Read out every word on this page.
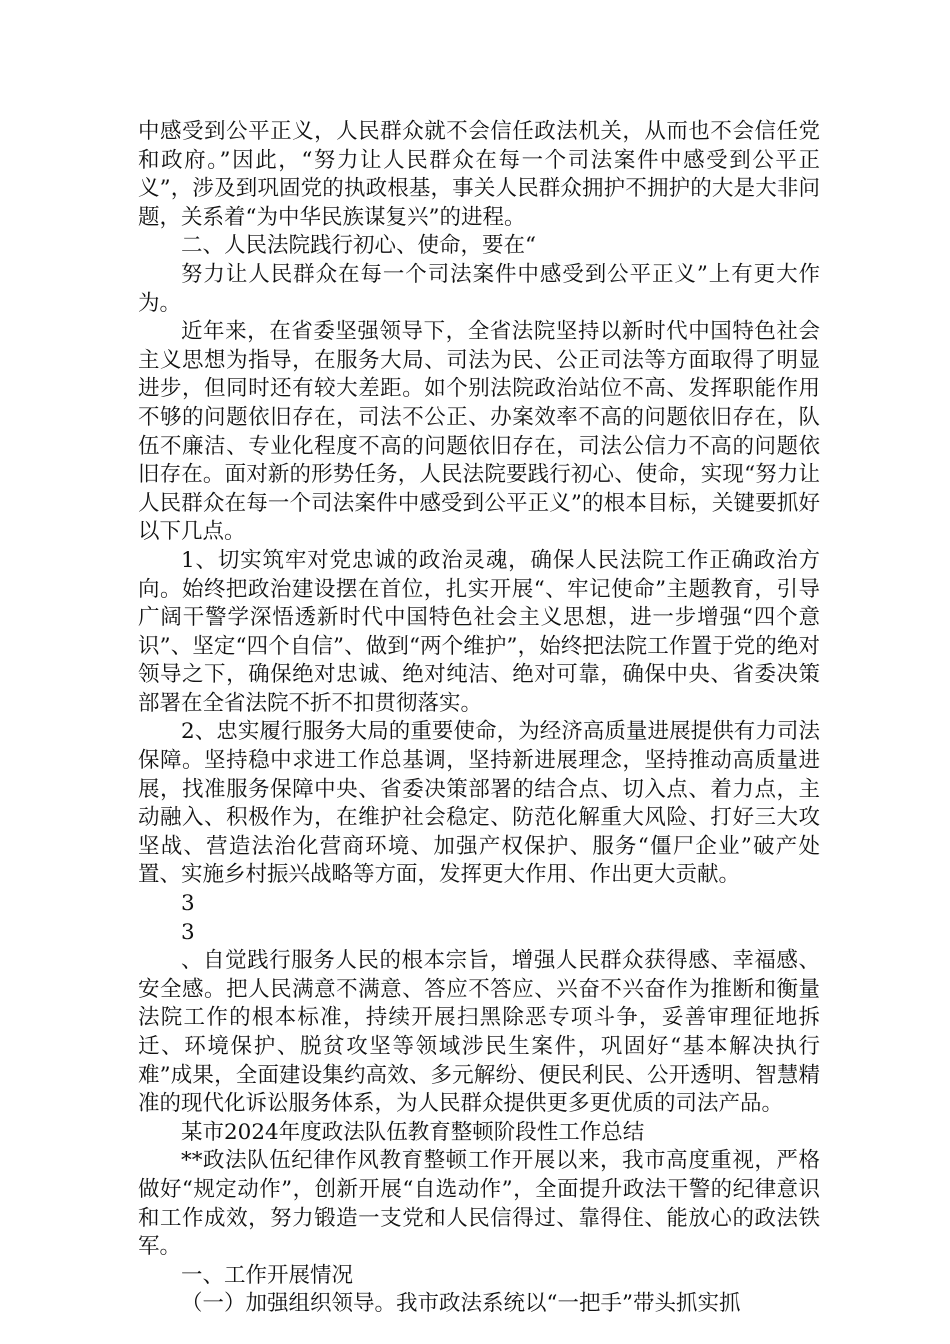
中感受到公平正义，人民群众就不会信任政法机关，从而也不会信任党和政府。”因此，“努力让人民群众在每一个司法案件中感受到公平正义”，涉及到巩固党的执政根基，事关人民群众拥护不拥护的大是大非问题，关系着“为中华民族谋复兴”的进程。

二、人民法院践行初心、使命，要在“

努力让人民群众在每一个司法案件中感受到公平正义”上有更大作为。

近年来，在省委坚强领导下，全省法院坚持以新时代中国特色社会主义思想为指导，在服务大局、司法为民、公正司法等方面取得了明显进步，但同时还有较大差距。如个别法院政治站位不高、发挥职能作用不够的问题依旧存在，司法不公正、办案效率不高的问题依旧存在，队伍不廉洁、专业化程度不高的问题依旧存在，司法公信力不高的问题依旧存在。面对新的形势任务，人民法院要践行初心、使命，实现“努力让人民群众在每一个司法案件中感受到公平正义”的根本目标，关键要抓好以下几点。

1、切实筑牢对党忠诚的政治灵魂，确保人民法院工作正确政治方向。始终把政治建设摆在首位，扎实开展“、牢记使命”主题教育，引导广阔干警学深悟透新时代中国特色社会主义思想，进一步增强“四个意识”、坚定“四个自信”、做到“两个维护”，始终把法院工作置于党的绝对领导之下，确保绝对忠诚、绝对纯洁、绝对可靠，确保中央、省委决策部署在全省法院不折不扣贯彻落实。

2、忠实履行服务大局的重要使命，为经济高质量进展提供有力司法保障。坚持稳中求进工作总基调，坚持新进展理念，坚持推动高质量进展，找准服务保障中央、省委决策部署的结合点、切入点、着力点，主动融入、积极作为，在维护社会稳定、防范化解重大风险、打好三大攻坚战、营造法治化营商环境、加强产权保护、服务“僵尸企业”破产处置、实施乡村振兴战略等方面，发挥更大作用、作出更大贡献。

3

3

、自觉践行服务人民的根本宗旨，增强人民群众获得感、幸福感、安全感。把人民满意不满意、答应不答应、兴奋不兴奋作为推断和衡量法院工作的根本标准，持续开展扫黑除恶专项斗争，妥善审理征地拆迁、环境保护、脱贫攻坚等领域涉民生案件，巩固好“基本解决执行难”成果，全面建设集约高效、多元解纷、便民利民、公开透明、智慧精准的现代化诉讼服务体系，为人民群众提供更多更优质的司法产品。

某市2024年度政法队伍教育整顿阶段性工作总结

**政法队伍纪律作风教育整顿工作开展以来，我市高度重视，严格做好“规定动作”，创新开展“自选动作”，全面提升政法干警的纪律意识和工作成效，努力锻造一支党和人民信得过、靠得住、能放心的政法铁军。

一、工作开展情况

（一）加强组织领导。我市政法系统以“一把手”带头抓实抓
